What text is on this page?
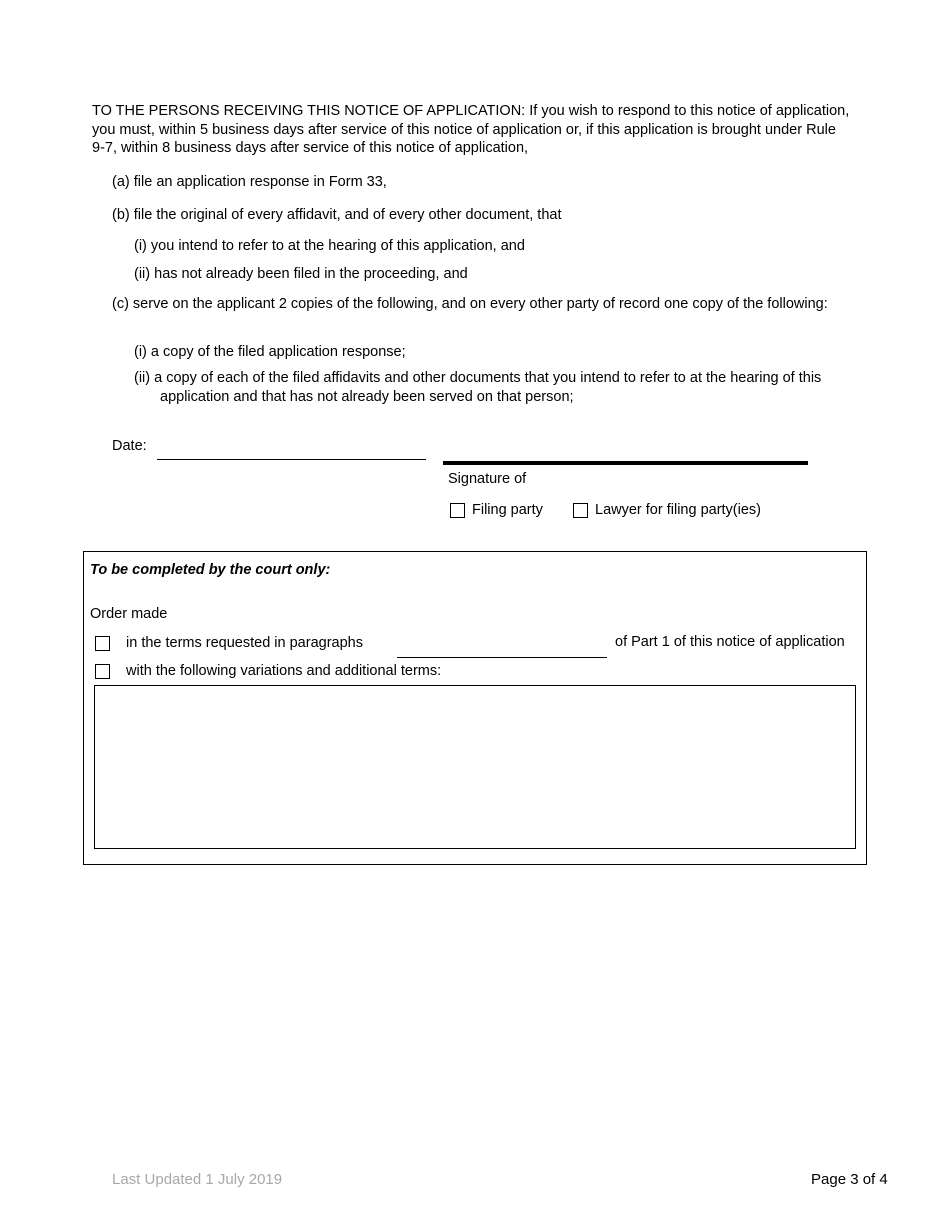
TO THE PERSONS RECEIVING THIS NOTICE OF APPLICATION: If you wish to respond to this notice of application, you must, within 5 business days after service of this notice of application or, if this application is brought under Rule 9-7, within 8 business days after service of this notice of application,
(a) file an application response in Form 33,
(b) file the original of every affidavit, and of every other document, that
(i) you intend to refer to at the hearing of this application, and
(ii) has not already been filed in the proceeding, and
(c) serve on the applicant 2 copies of the following, and on every other party of record one copy of the following:
(i) a copy of the filed application response;
(ii) a copy of each of the filed affidavits and other documents that you intend to refer to at the hearing of this application and that has not already been served on that person;
Date:
Signature of
Filing party	Lawyer for filing party(ies)
To be completed by the court only:
Order made
in the terms requested in paragraphs	of Part 1 of this notice of application
with the following variations and additional terms:
Last Updated 1 July 2019	Page 3 of 4
